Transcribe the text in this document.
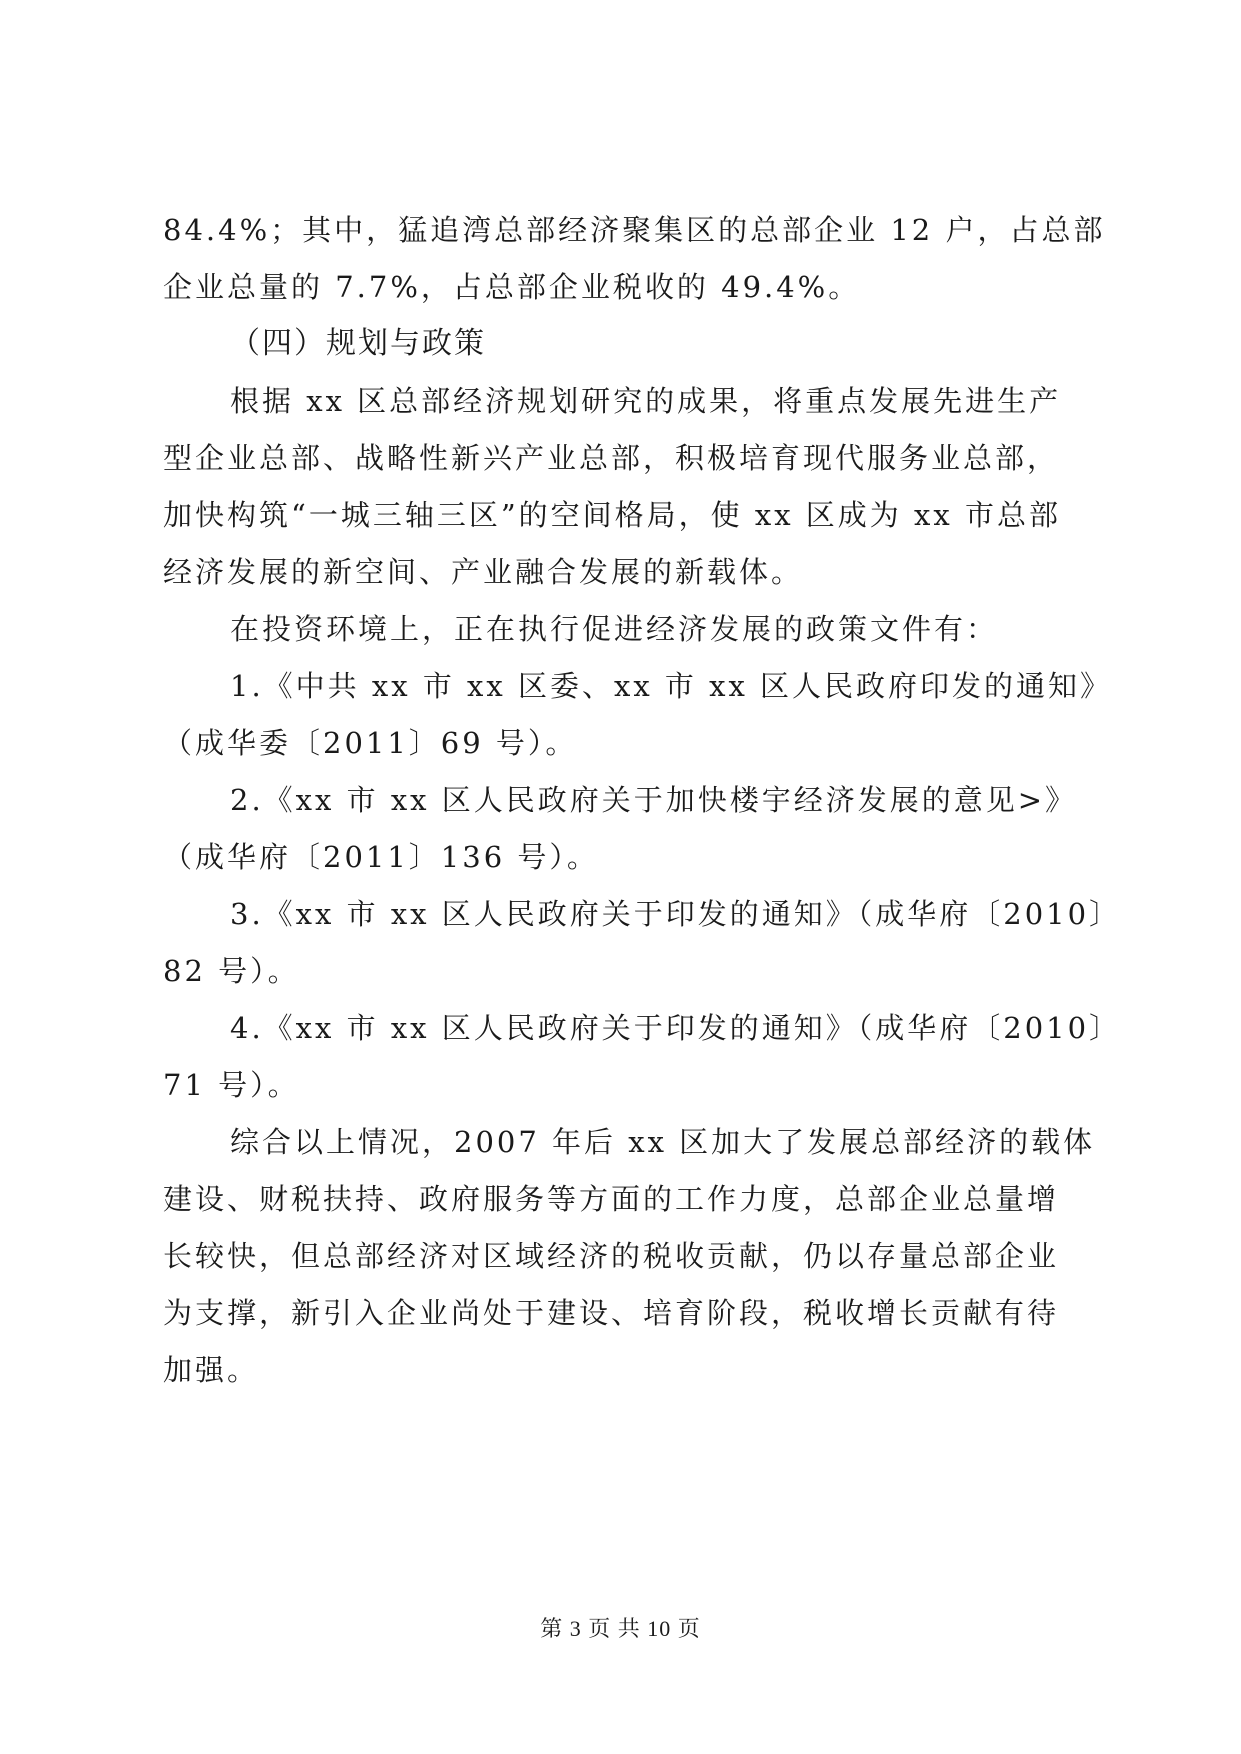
84.4%；其中，猛追湾总部经济聚集区的总部企业 12 户，占总部
企业总量的 7.7%，占总部企业税收的 49.4%。
（四）规划与政策
根据 xx 区总部经济规划研究的成果，将重点发展先进生产
型企业总部、战略性新兴产业总部，积极培育现代服务业总部，
加快构筑“一城三轴三区”的空间格局，使 xx 区成为 xx 市总部
经济发展的新空间、产业融合发展的新载体。
在投资环境上，正在执行促进经济发展的政策文件有：
1.《中共 xx 市 xx 区委、xx 市 xx 区人民政府印发的通知》
（成华委〔2011〕69 号）。
2.《xx 市 xx 区人民政府关于加快楼宇经济发展的意见>》
（成华府〔2011〕136 号）。
3.《xx 市 xx 区人民政府关于印发的通知》（成华府〔2010〕
82 号）。
4.《xx 市 xx 区人民政府关于印发的通知》（成华府〔2010〕
71 号）。
综合以上情况，2007 年后 xx 区加大了发展总部经济的载体
建设、财税扶持、政府服务等方面的工作力度，总部企业总量增
长较快，但总部经济对区域经济的税收贡献，仍以存量总部企业
为支撑，新引入企业尚处于建设、培育阶段，税收增长贡献有待
加强。
第 3 页 共 10 页
